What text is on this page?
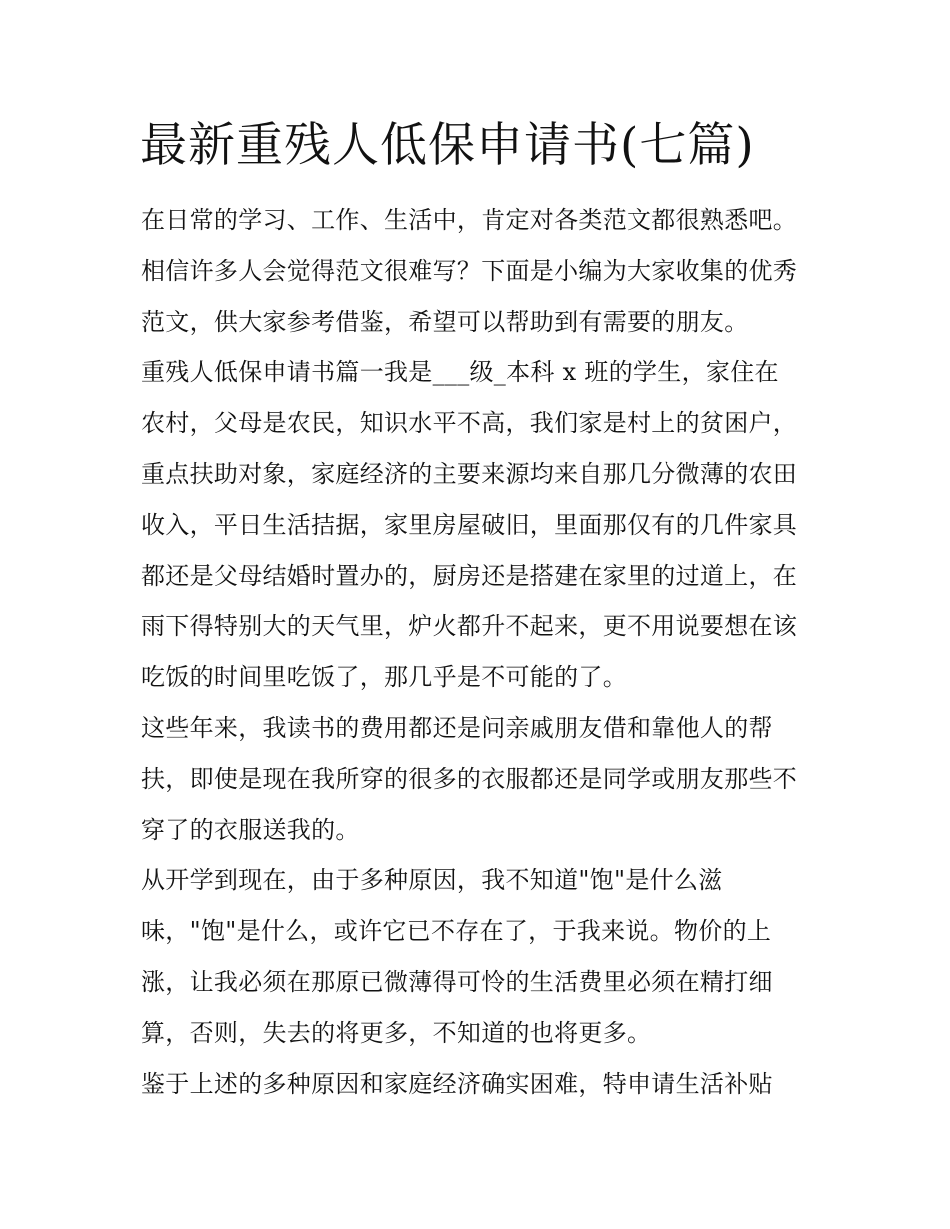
最新重残人低保申请书(七篇)
在日常的学习、工作、生活中，肯定对各类范文都很熟悉吧。
相信许多人会觉得范文很难写？下面是小编为大家收集的优秀
范文，供大家参考借鉴，希望可以帮助到有需要的朋友。
重残人低保申请书篇一我是___级_本科 x 班的学生，家住在
农村，父母是农民，知识水平不高，我们家是村上的贫困户，
重点扶助对象，家庭经济的主要来源均来自那几分微薄的农田
收入，平日生活拮据，家里房屋破旧，里面那仅有的几件家具
都还是父母结婚时置办的，厨房还是搭建在家里的过道上，在
雨下得特别大的天气里，炉火都升不起来，更不用说要想在该
吃饭的时间里吃饭了，那几乎是不可能的了。
这些年来，我读书的费用都还是问亲戚朋友借和靠他人的帮
扶，即使是现在我所穿的很多的衣服都还是同学或朋友那些不
穿了的衣服送我的。
从开学到现在，由于多种原因，我不知道"饱"是什么滋
味，"饱"是什么，或许它已不存在了，于我来说。物价的上
涨，让我必须在那原已微薄得可怜的生活费里必须在精打细
算，否则，失去的将更多，不知道的也将更多。
鉴于上述的多种原因和家庭经济确实困难，特申请生活补贴
